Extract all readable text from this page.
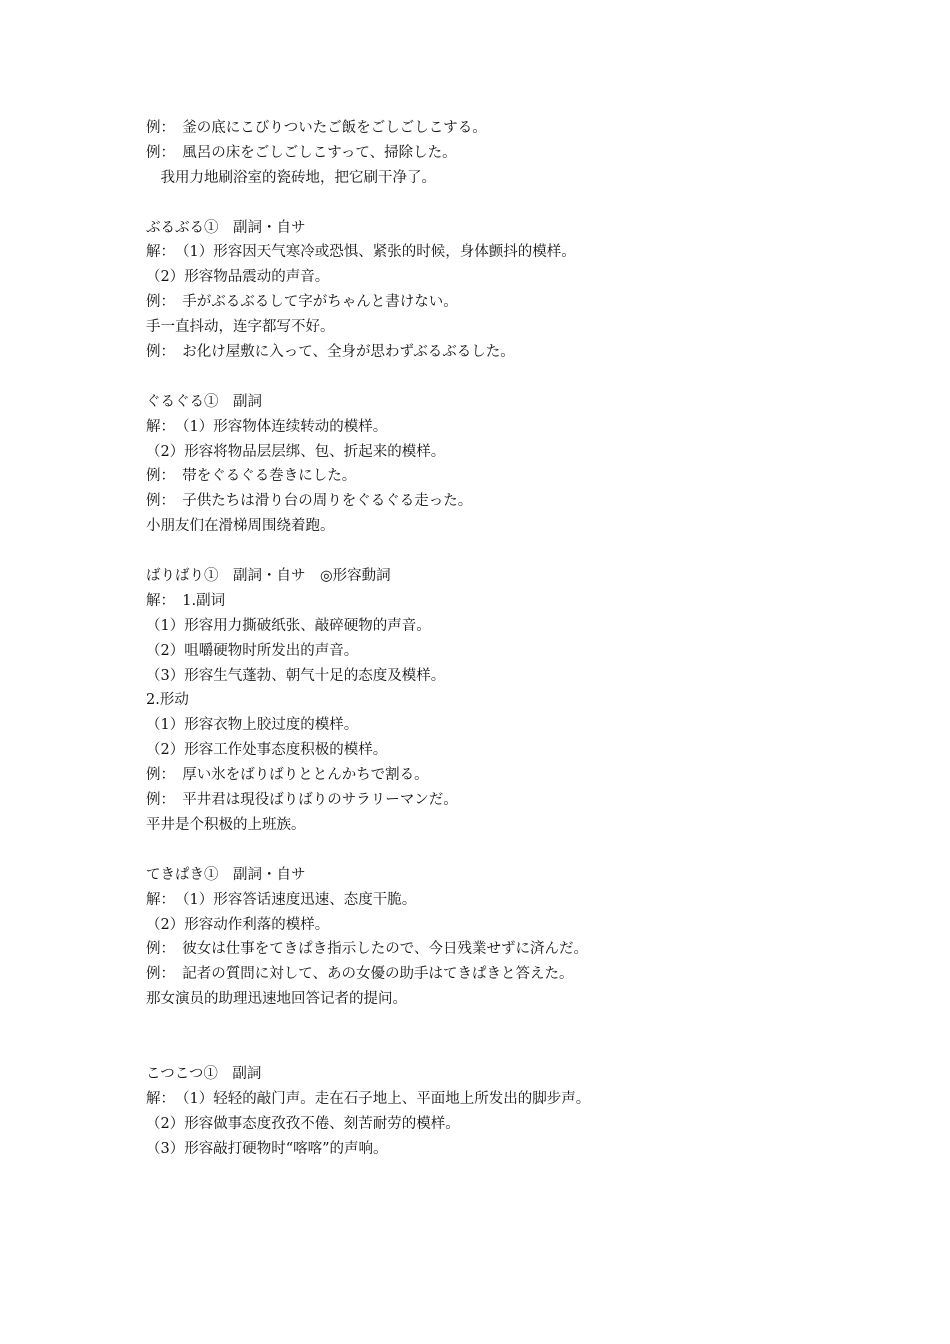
例：　釜の底にこびりついたご飯をごしごしこする。
例：　風呂の床をごしごしこすって、掃除した。
　我用力地刷浴室的瓷砖地，把它刷干净了。
ぶるぶる①　副詞・自サ
解：　（1）形容因天气寒冷或恐惧、紧张的时候，身体颤抖的模样。
（2）形容物品震动的声音。
例：　手がぶるぶるして字がちゃんと書けない。
手一直抖动，连字都写不好。
例：　お化け屋敷に入って、全身が思わずぶるぶるした。
ぐるぐる①　副詞
解：　（1）形容物体连续转动的模样。
（2）形容将物品层层绑、包、折起来的模样。
例：　帯をぐるぐる巻きにした。
例：　子供たちは滑り台の周りをぐるぐる走った。
小朋友们在滑梯周围绕着跑。
ばりばり①　副詞・自サ　◎形容動詞
解：　1.副词
（1）形容用力撕破纸张、敲碎硬物的声音。
（2）咀嚼硬物时所发出的声音。
（3）形容生气蓬勃、朝气十足的态度及模样。
2.形动
（1）形容衣物上胶过度的模样。
（2）形容工作处事态度积极的模样。
例：　厚い氷をばりばりととんかちで割る。
例：　平井君は現役ばりばりのサラリーマンだ。
平井是个积极的上班族。
てきぱき①　副詞・自サ
解：　（1）形容答话速度迅速、态度干脆。
（2）形容动作利落的模样。
例：　彼女は仕事をてきぱき指示したので、今日残業せずに済んだ。
例：　記者の質問に対して、あの女優の助手はてきぱきと答えた。
那女演员的助理迅速地回答记者的提问。
こつこつ①　副詞
解：　（1）轻轻的敲门声。走在石子地上、平面地上所发出的脚步声。
（2）形容做事态度孜孜不倦、刻苦耐劳的模样。
（3）形容敲打硬物时“喀喀”的声响。
